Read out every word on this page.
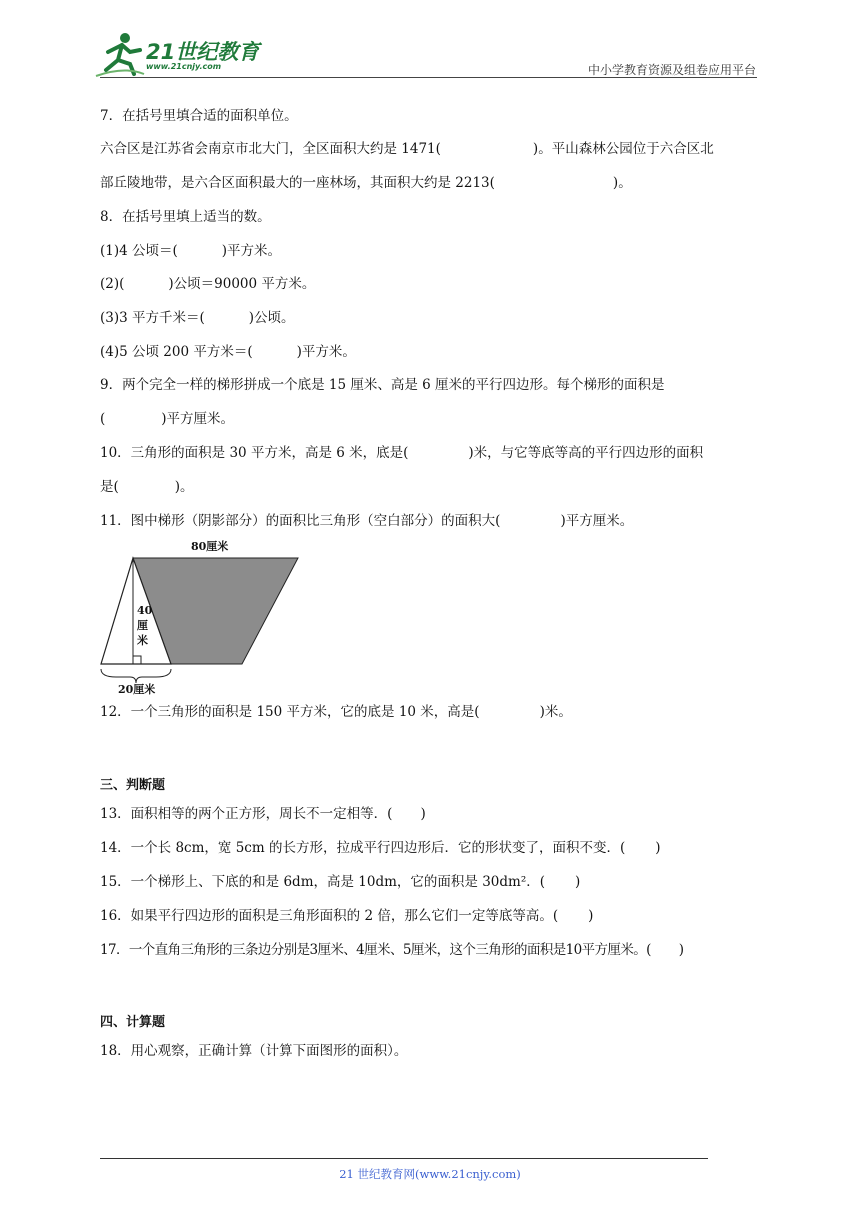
21世纪教育
www.21cnjy.com	中小学教育资源及组卷应用平台
7．在括号里填合适的面积单位。
六合区是江苏省会南京市北大门，全区面积大约是 1471(	)。平山森林公园位于六合区北
部丘陵地带，是六合区面积最大的一座林场，其面积大约是 2213(	)。
8．在括号里填上适当的数。
(1)4 公顷＝(	)平方米。
(2)(	)公顷＝90000 平方米。
(3)3 平方千米＝(	)公顷。
(4)5 公顷 200 平方米＝(	)平方米。
9．两个完全一样的梯形拼成一个底是 15 厘米、高是 6 厘米的平行四边形。每个梯形的面积是
(	)平方厘米。
10．三角形的面积是 30 平方米，高是 6 米，底是(	)米，与它等底等高的平行四边形的面积
是(	)。
11．图中梯形（阴影部分）的面积比三角形（空白部分）的面积大(	)平方厘米。
80厘米
40
厘
米
20厘米
12．一个三角形的面积是 150 平方米，它的底是 10 米，高是(	)米。
三、判断题
13．面积相等的两个正方形，周长不一定相等．( )
14．一个长 8cm，宽 5cm 的长方形，拉成平行四边形后．它的形状变了，面积不变．( )
15．一个梯形上、下底的和是 6dm，高是 10dm，它的面积是 30dm²．( )
16．如果平行四边形的面积是三角形面积的 2 倍，那么它们一定等底等高。( )
17．一个直角三角形的三条边分别是3厘米、4厘米、5厘米，这个三角形的面积是10平方厘米。( )
四、计算题
18．用心观察，正确计算（计算下面图形的面积）。
21 世纪教育网(www.21cnjy.com)
